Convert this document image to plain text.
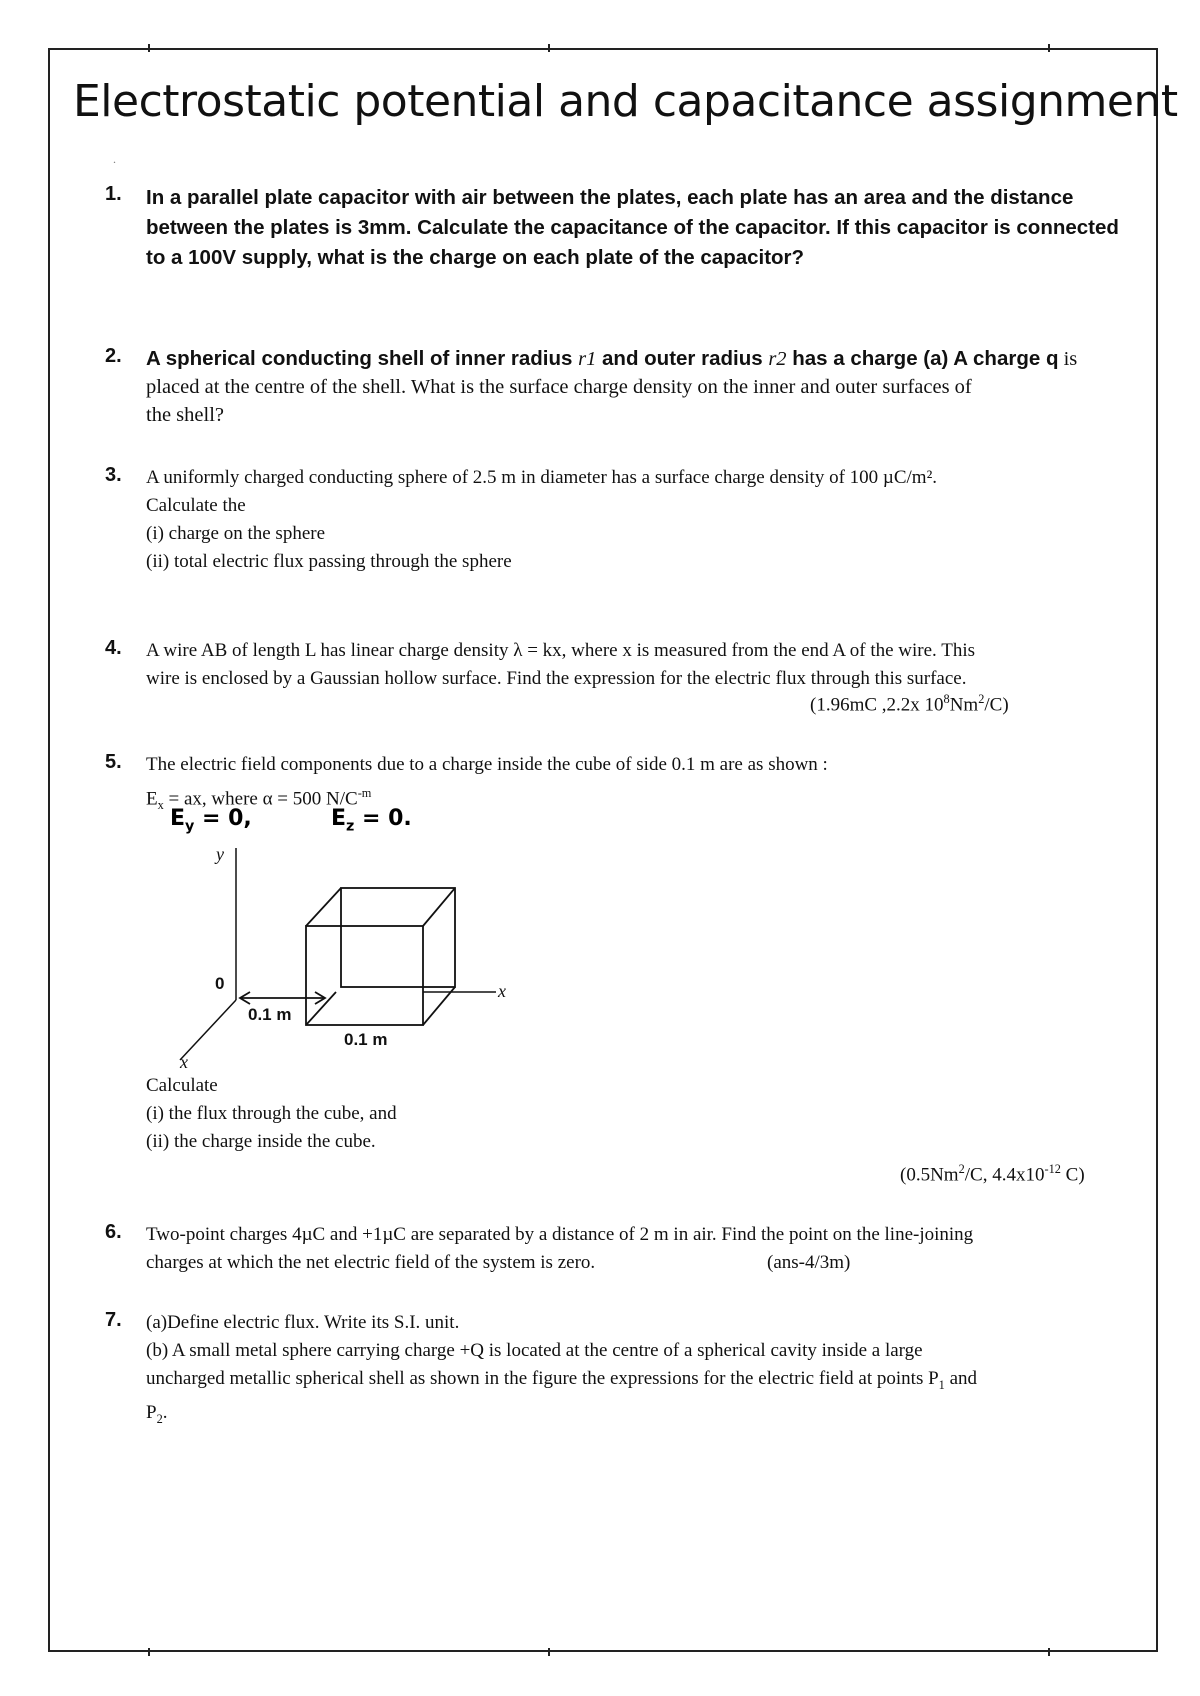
Electrostatic potential and capacitance assignment
.
1. In a parallel plate capacitor with air between the plates, each plate has an area and the distance
between the plates is 3mm. Calculate the capacitance of the capacitor. If this capacitor is connected
to a 100V supply, what is the charge on each plate of the capacitor?
2. A spherical conducting shell of inner radius r1 and outer radius r2 has a charge (a) A charge q is
placed at the centre of the shell. What is the surface charge density on the inner and outer surfaces of
the shell?
3. A uniformly charged conducting sphere of 2.5 m in diameter has a surface charge density of 100 µC/m².
Calculate the
(i) charge on the sphere
(ii) total electric flux passing through the sphere
4. A wire AB of length L has linear charge density λ = kx, where x is measured from the end A of the wire. This
wire is enclosed by a Gaussian hollow surface. Find the expression for the electric flux through this surface.
(1.96mC ,2.2x $10^8Nm^2/C$)
5. The electric field components due to a charge inside the cube of side 0.1 m are as shown :
$E_x$ = ax, where α = 500 $N/C^{-m}$
$E_y = 0$,	$E_z = 0$.
y
x
x
0
0.1 m
0.1 m
Calculate
(i) the flux through the cube, and
(ii) the charge inside the cube.
(0.5Nm$^2$/C, $4.4x10^{-12}$ C)
6. Two-point charges 4µC and +1µC are separated by a distance of 2 m in air. Find the point on the line-joining
charges at which the net electric field of the system is zero.	(ans-4/3m)
7. (a)Define electric flux. Write its S.I. unit.
(b) A small metal sphere carrying charge +Q is located at the centre of a spherical cavity inside a large
uncharged metallic spherical shell as shown in the figure the expressions for the electric field at points $P_1$ and
$P_2$.
